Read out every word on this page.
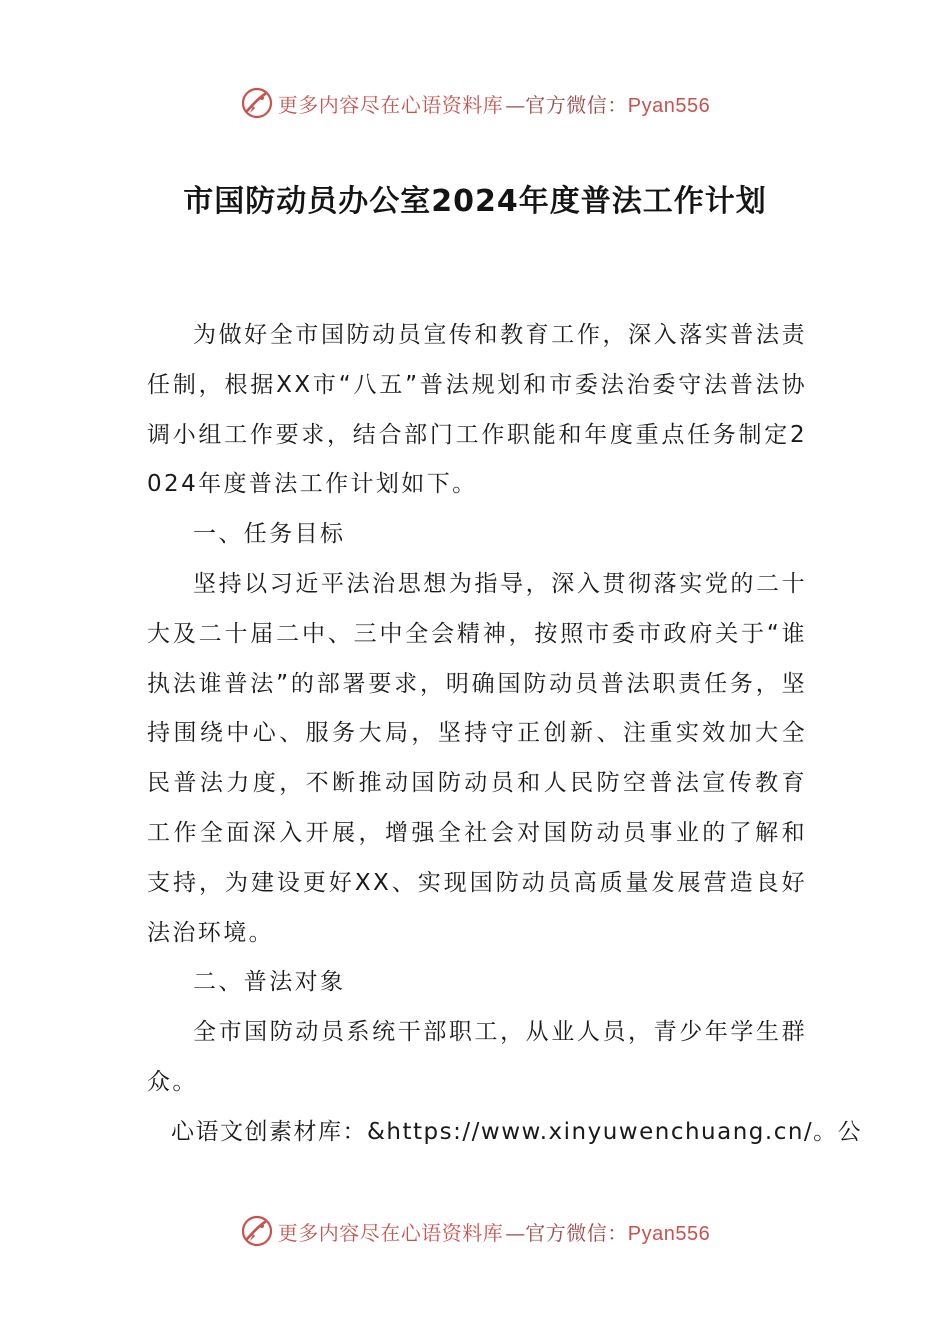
更多内容尽在心语资料库 — 官方微信：Pyan556
市国防动员办公室2024年度普法工作计划

为做好全市国防动员宣传和教育工作，深入落实普法责任制，根据XX市“八五”普法规划和市委法治委守法普法协调小组工作要求，结合部门工作职能和年度重点任务制定2024年度普法工作计划如下。

一、任务目标

坚持以习近平法治思想为指导，深入贯彻落实党的二十大及二十届二中、三中全会精神，按照市委市政府关于“谁执法谁普法”的部署要求，明确国防动员普法职责任务，坚持围绕中心、服务大局，坚持守正创新、注重实效加大全民普法力度，不断推动国防动员和人民防空普法宣传教育工作全面深入开展，增强全社会对国防动员事业的了解和支持，为建设更好XX、实现国防动员高质量发展营造良好法治环境。

二、普法对象

全市国防动员系统干部职工，从业人员，青少年学生群众。

心语文创素材库：&https://www.xinyuwenchuang.cn/。公

更多内容尽在心语资料库 — 官方微信：Pyan556
